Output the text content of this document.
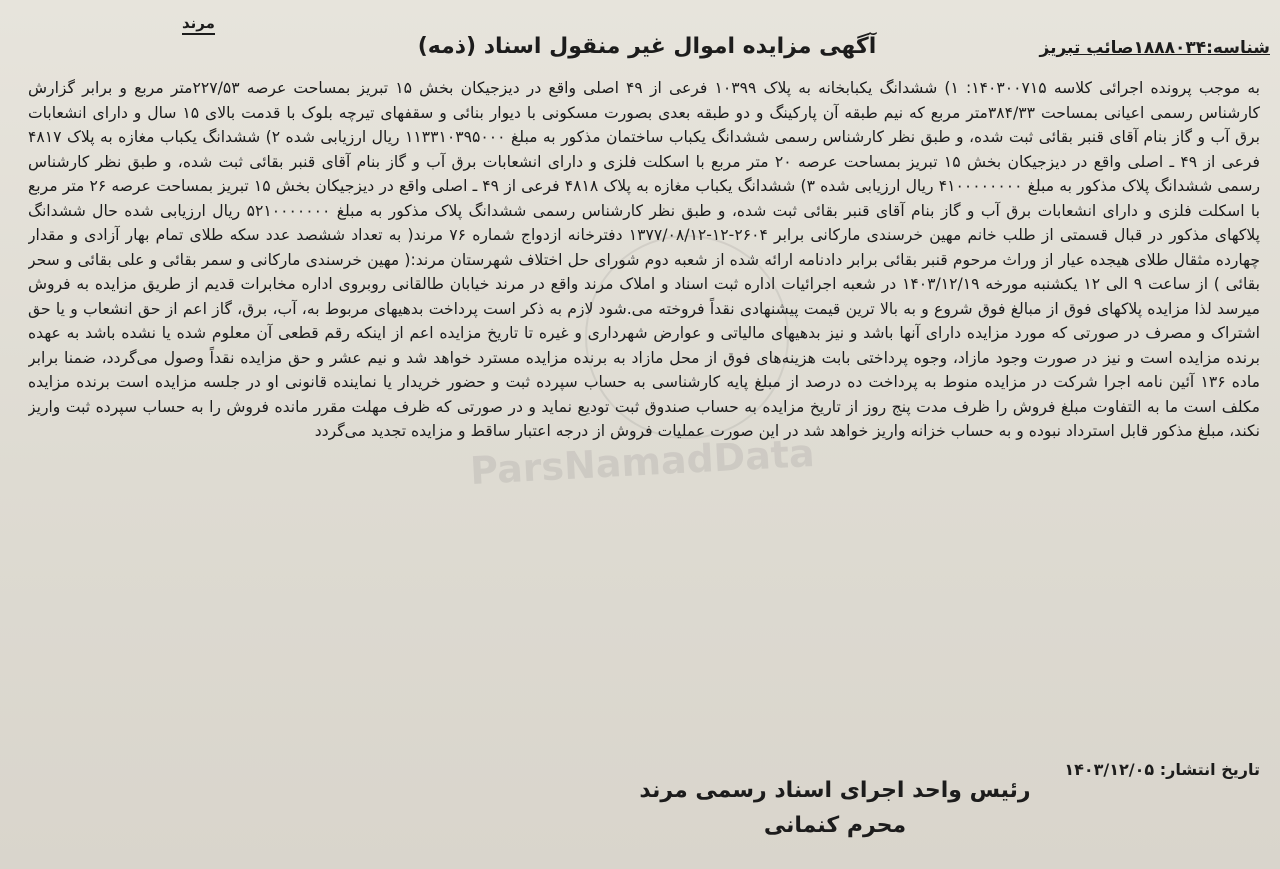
ParsNamadData
مرند
شناسه:۱۸۸۸۰۳۴صائب تبریز
آگهی مزایده اموال غیر منقول اسناد (ذمه)
به موجب پرونده اجرائی کلاسه ۱۴۰۳۰۰۷۱۵: ۱) ششدانگ یکبابخانه به پلاک ۱۰۳۹۹ فرعی از ۴۹ اصلی واقع در دیزجیکان بخش ۱۵ تبریز بمساحت عرصه ۲۲۷/۵۳متر مربع و برابر گزارش کارشناس رسمی اعیانی بمساحت ۳۸۴/۳۳متر مربع که نیم طبقه آن پارکینگ و دو طبقه بعدی بصورت مسکونی با دیوار بنائی و سقفهای تیرچه بلوک با قدمت بالای ۱۵ سال و دارای انشعابات برق آب و گاز بنام آقای قنبر بقائی ثبت شده، و طبق نظر کارشناس رسمی ششدانگ یکباب ساختمان مذکور به مبلغ ۱۱۳۳۱۰۳۹۵۰۰۰ ریال ارزیابی شده ۲) ششدانگ یکباب مغازه به پلاک ۴۸۱۷ فرعی از ۴۹ ـ اصلی واقع در دیزجیکان بخش ۱۵ تبریز بمساحت عرصه ۲۰ متر مربع با اسکلت فلزی و دارای انشعابات برق آب و گاز بنام آقای قنبر بقائی ثبت شده، و طبق نظر کارشناس رسمی ششدانگ پلاک مذکور به مبلغ ۴۱۰۰۰۰۰۰۰۰ ریال ارزیابی شده ۳) ششدانگ یکباب مغازه به پلاک ۴۸۱۸ فرعی از ۴۹ ـ اصلی واقع در دیزجیکان بخش ۱۵ تبریز بمساحت عرصه ۲۶ متر مربع با اسکلت فلزی و دارای انشعابات برق آب و گاز بنام آقای قنبر بقائی ثبت شده، و طبق نظر کارشناس رسمی ششدانگ پلاک مذکور به مبلغ ۵۲۱۰۰۰۰۰۰۰ ریال ارزیابی شده حال ششدانگ پلاکهای مذکور در قبال قسمتی از طلب خانم مهین خرسندی مارکانی برابر ۲۶۰۴-۱۲-۱۳۷۷/۰۸/۱۲ دفترخانه ازدواج شماره ۷۶ مرند( به تعداد ششصد عدد سکه طلای تمام بهار آزادی و مقدار چهارده مثقال طلای هیجده عیار از وراث مرحوم قنبر بقائی برابر دادنامه ارائه شده از شعبه دوم شورای حل اختلاف شهرستان مرند:( مهین خرسندی مارکانی و سمر بقائی و علی بقائی و سحر بقائی ) از ساعت ۹ الی ۱۲ یکشنبه مورخه ۱۴۰۳/۱۲/۱۹ در شعبه اجرائیات اداره ثبت اسناد و املاک مرند واقع در مرند خیابان طالقانی روبروی اداره مخابرات قدیم از طریق مزایده به فروش میرسد لذا مزایده پلاکهای فوق از مبالغ فوق شروع و به بالا ترین قیمت پیشنهادی نقداً فروخته می.شود لازم به ذکر است پرداخت بدهیهای مربوط به، آب، برق، گاز اعم از حق انشعاب و یا حق اشتراک و مصرف در صورتی که مورد مزایده دارای آنها باشد و نیز بدهیهای مالیاتی و عوارض شهرداری و غیره تا تاریخ مزایده اعم از اینکه رقم قطعی آن معلوم شده یا نشده باشد به عهده برنده مزایده است و نیز در صورت وجود مازاد، وجوه پرداختی بابت هزینه‌های فوق از محل مازاد به برنده مزایده مسترد خواهد شد و نیم عشر و حق مزایده نقداً وصول می‌گردد، ضمنا برابر ماده ۱۳۶ آئین نامه اجرا شرکت در مزایده منوط به پرداخت ده درصد از مبلغ پایه کارشناسی به حساب سپرده ثبت و حضور خریدار یا نماینده قانونی او در جلسه مزایده است برنده مزایده مکلف است ما به التفاوت مبلغ فروش را ظرف مدت پنج روز از تاریخ مزایده به حساب صندوق ثبت تودیع نماید و در صورتی که ظرف مهلت مقرر مانده فروش را به حساب سپرده ثبت واریز نکند، مبلغ مذکور قابل استرداد نبوده و به حساب خزانه واریز خواهد شد در این صورت عملیات فروش از درجه اعتبار ساقط و مزایده تجدید می‌گردد
تاریخ انتشار: ۱۴۰۳/۱۲/۰۵
رئیس واحد اجرای اسناد رسمی مرند
محرم کنمانی
